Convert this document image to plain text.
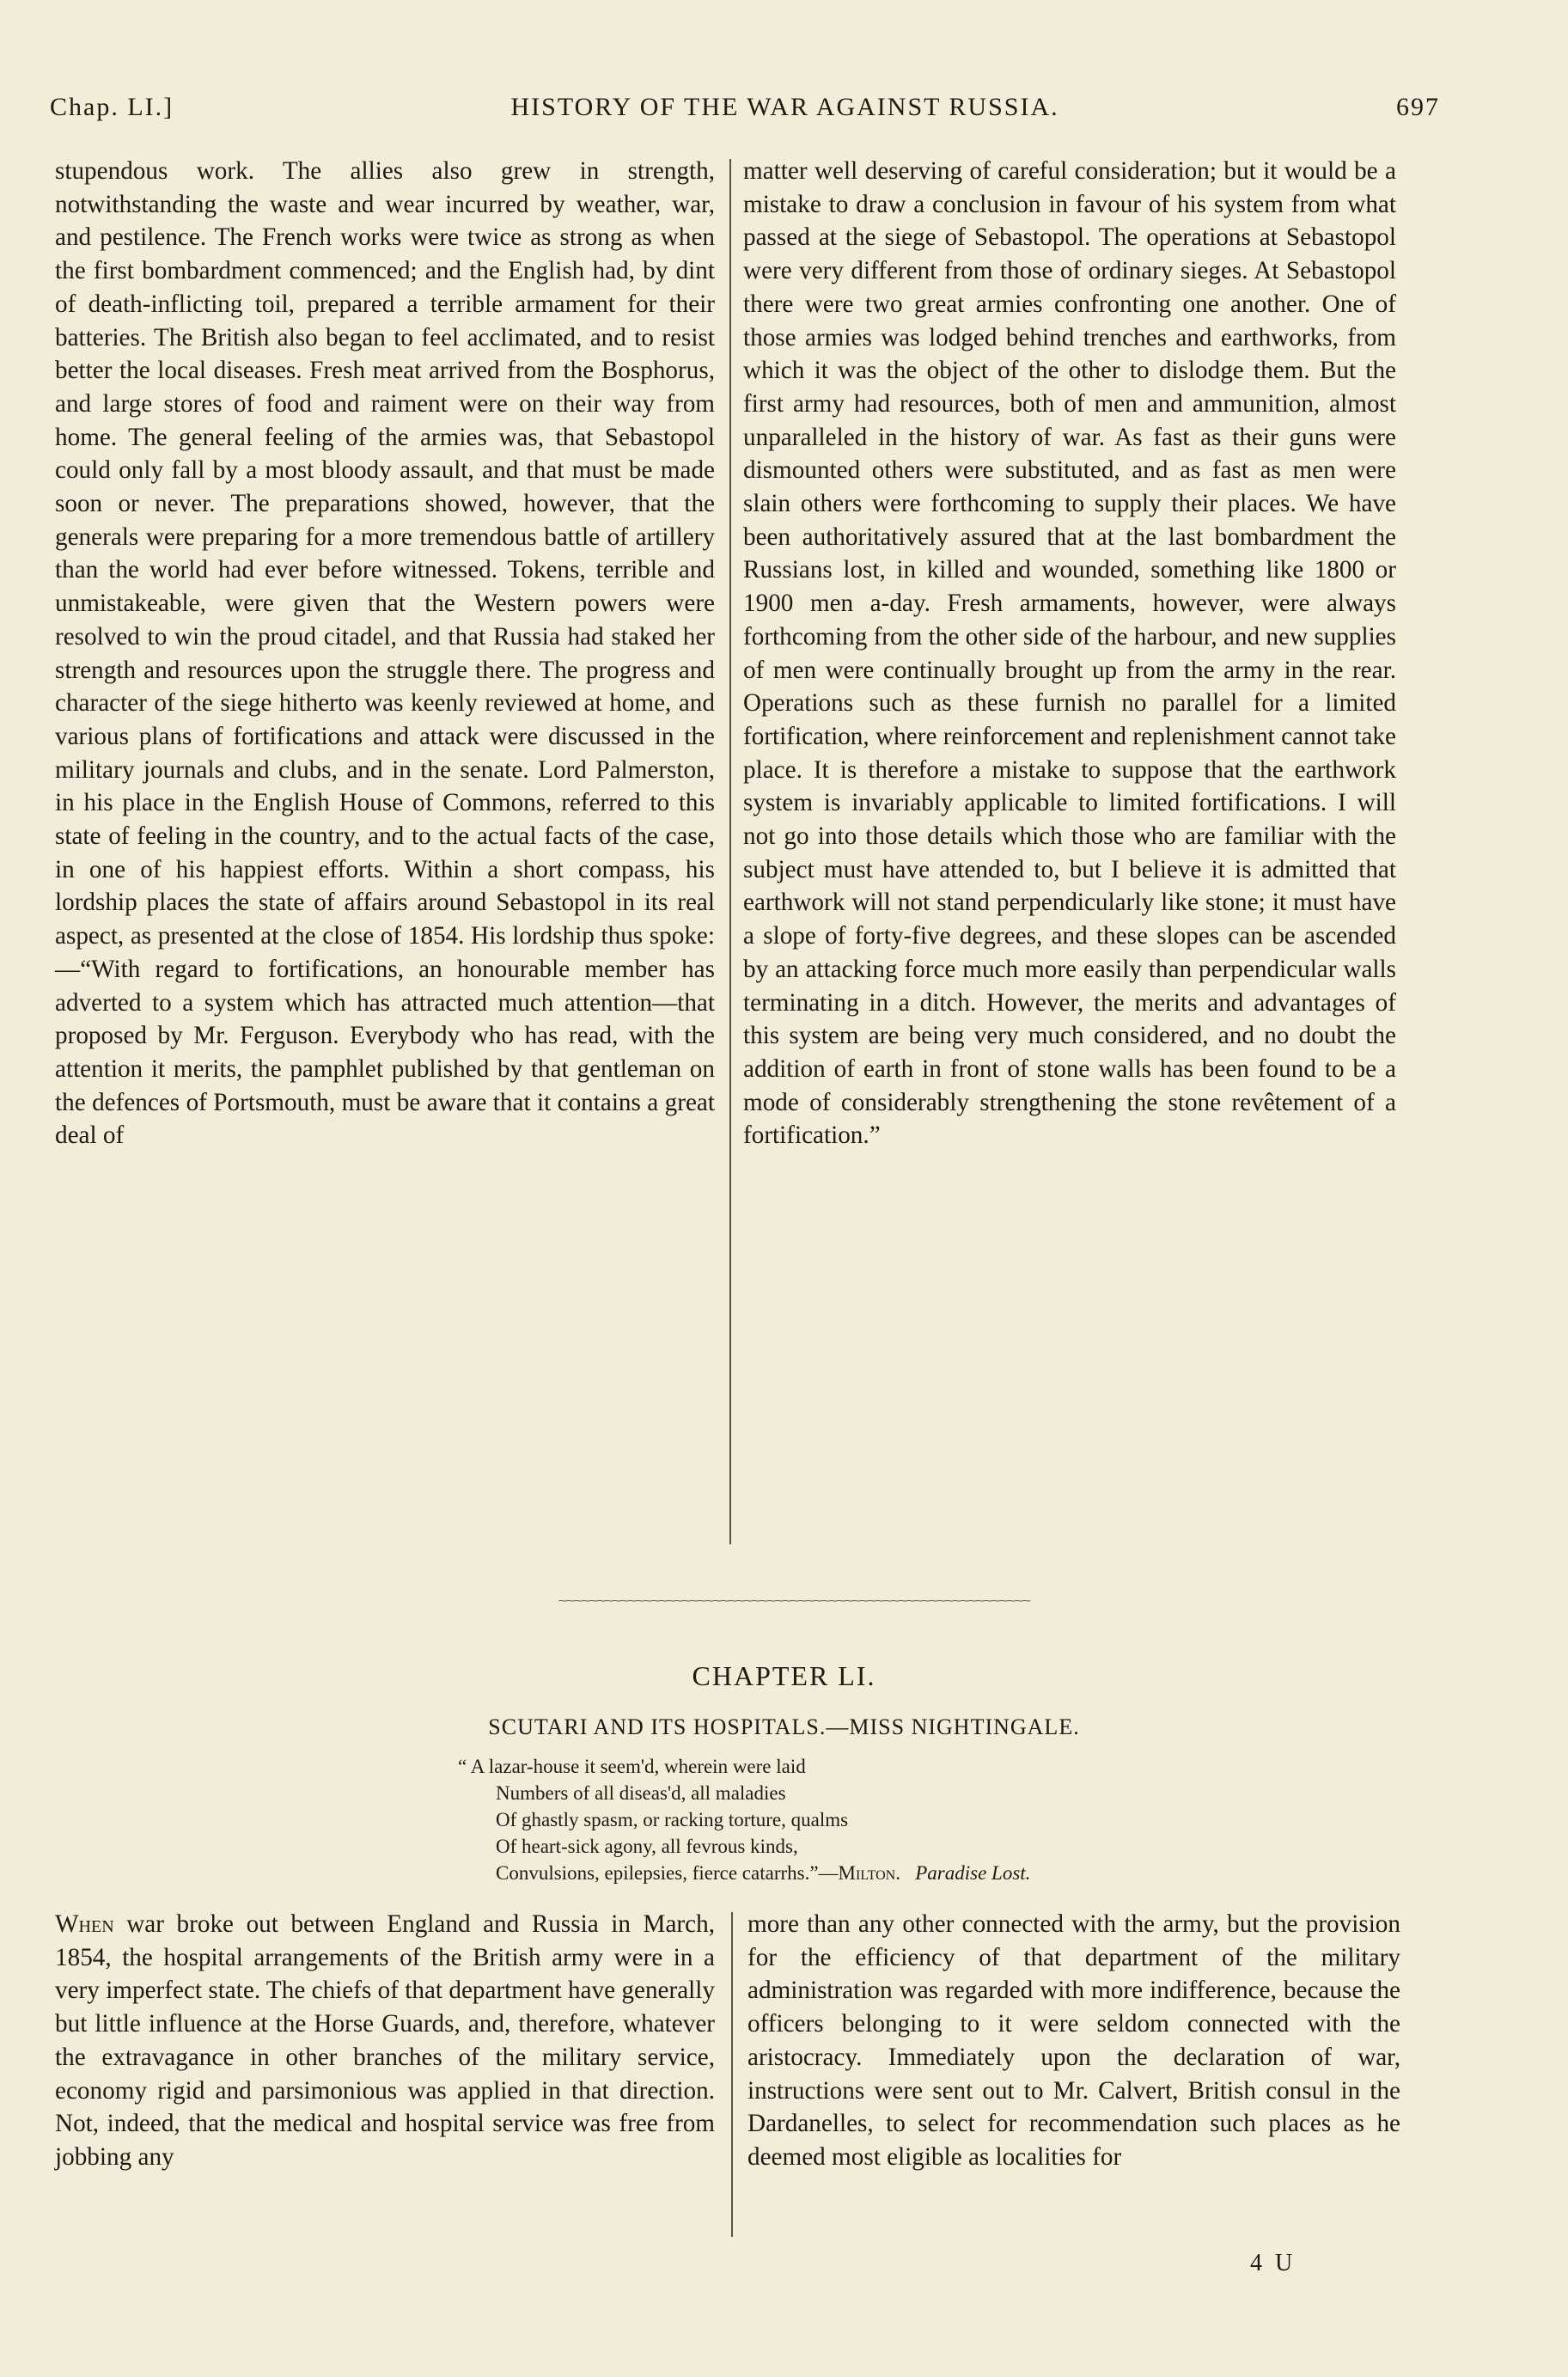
Chap. LI.]	HISTORY OF THE WAR AGAINST RUSSIA.	697
stupendous work. The allies also grew in strength, notwithstanding the waste and wear incurred by weather, war, and pestilence. The French works were twice as strong as when the first bombardment commenced; and the English had, by dint of death-inflicting toil, prepared a terrible armament for their batteries. The British also began to feel acclimated, and to resist better the local diseases. Fresh meat arrived from the Bosphorus, and large stores of food and raiment were on their way from home. The general feeling of the armies was, that Sebastopol could only fall by a most bloody assault, and that must be made soon or never. The preparations showed, however, that the generals were preparing for a more tremendous battle of artillery than the world had ever before witnessed. Tokens, terrible and unmistakeable, were given that the Western powers were resolved to win the proud citadel, and that Russia had staked her strength and resources upon the struggle there. The progress and character of the siege hitherto was keenly reviewed at home, and various plans of fortifications and attack were discussed in the military journals and clubs, and in the senate. Lord Palmerston, in his place in the English House of Commons, referred to this state of feeling in the country, and to the actual facts of the case, in one of his happiest efforts. Within a short compass, his lordship places the state of affairs around Sebastopol in its real aspect, as presented at the close of 1854. His lordship thus spoke:—“With regard to fortifications, an honourable member has adverted to a system which has attracted much attention—that proposed by Mr. Ferguson. Everybody who has read, with the attention it merits, the pamphlet published by that gentleman on the defences of Portsmouth, must be aware that it contains a great deal of
matter well deserving of careful consideration; but it would be a mistake to draw a conclusion in favour of his system from what passed at the siege of Sebastopol. The operations at Sebastopol were very different from those of ordinary sieges. At Sebastopol there were two great armies confronting one another. One of those armies was lodged behind trenches and earthworks, from which it was the object of the other to dislodge them. But the first army had resources, both of men and ammunition, almost unparalleled in the history of war. As fast as their guns were dismounted others were substituted, and as fast as men were slain others were forthcoming to supply their places. We have been authoritatively assured that at the last bombardment the Russians lost, in killed and wounded, something like 1800 or 1900 men a-day. Fresh armaments, however, were always forthcoming from the other side of the harbour, and new supplies of men were continually brought up from the army in the rear. Operations such as these furnish no parallel for a limited fortification, where reinforcement and replenishment cannot take place. It is therefore a mistake to suppose that the earthwork system is invariably applicable to limited fortifications. I will not go into those details which those who are familiar with the subject must have attended to, but I believe it is admitted that earthwork will not stand perpendicularly like stone; it must have a slope of forty-five degrees, and these slopes can be ascended by an attacking force much more easily than perpendicular walls terminating in a ditch. However, the merits and advantages of this system are being very much considered, and no doubt the addition of earth in front of stone walls has been found to be a mode of considerably strengthening the stone revêtement of a fortification.”
⁓⁓⁓⁓⁓⁓⁓⁓⁓⁓⁓⁓⁓⁓⁓⁓⁓⁓⁓⁓⁓⁓⁓⁓⁓⁓⁓⁓⁓⁓⁓⁓⁓⁓⁓⁓⁓⁓⁓⁓⁓⁓⁓⁓⁓⁓⁓⁓⁓⁓⁓⁓⁓⁓⁓⁓⁓⁓⁓⁓⁓
CHAPTER LI.
SCUTARI AND ITS HOSPITALS.—MISS NIGHTINGALE.
“ A lazar-house it seem'd, wherein were laid
Numbers of all diseas'd, all maladies
Of ghastly spasm, or racking torture, qualms
Of heart-sick agony, all fevrous kinds,
Convulsions, epilepsies, fierce catarrhs.”—Milton. Paradise Lost.
When war broke out between England and Russia in March, 1854, the hospital arrangements of the British army were in a very imperfect state. The chiefs of that department have generally but little influence at the Horse Guards, and, therefore, whatever the extravagance in other branches of the military service, economy rigid and parsimonious was applied in that direction. Not, indeed, that the medical and hospital service was free from jobbing any
more than any other connected with the army, but the provision for the efficiency of that department of the military administration was regarded with more indifference, because the officers belonging to it were seldom connected with the aristocracy. Immediately upon the declaration of war, instructions were sent out to Mr. Calvert, British consul in the Dardanelles, to select for recommendation such places as he deemed most eligible as localities for
4 U
